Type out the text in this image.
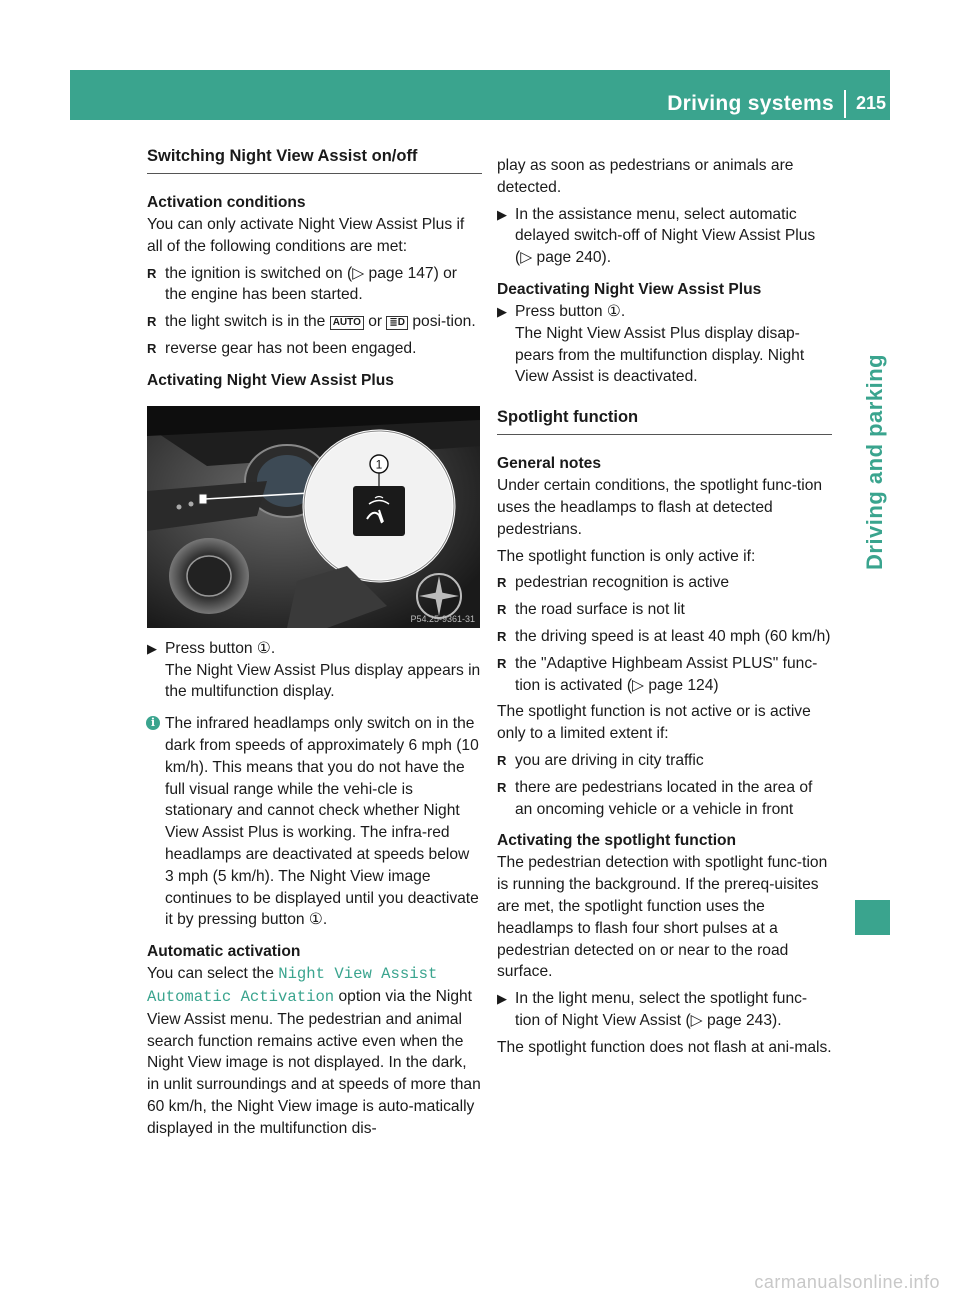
Driving systems	215
Driving and parking
Switching Night View Assist on/off
Activation conditions

You can only activate Night View Assist Plus if all of the following conditions are met:

R the ignition is switched on (▷ page 147) or the engine has been started.
R the light switch is in the AUTO or ≣D posi-tion.
R reverse gear has not been engaged.
Activating Night View Assist Plus
1
P54.25-9361-31
▶ Press button ①.

The Night View Assist Plus display appears in the multifunction display.

i The infrared headlamps only switch on in the dark from speeds of approximately 6 mph (10 km/h). This means that you do not have the full visual range while the vehi-cle is stationary and cannot check whether Night View Assist Plus is working. The infra-red headlamps are deactivated at speeds below 3 mph (5 km/h). The Night View image continues to be displayed until you deactivate it by pressing button ①.

Automatic activation

You can select the Night View Assist Automatic Activation option via the Night View Assist menu. The pedestrian and animal search function remains active even when the Night View image is not displayed. In the dark, in unlit surroundings and at speeds of more than 60 km/h, the Night View image is auto-matically displayed in the multifunction dis-

play as soon as pedestrians or animals are detected.

▶ In the assistance menu, select automatic delayed switch-off of Night View Assist Plus (▷ page 240).

Deactivating Night View Assist Plus
▶ Press button ①.

The Night View Assist Plus display disap-pears from the multifunction display. Night View Assist is deactivated.

Spotlight function
General notes

Under certain conditions, the spotlight func-tion uses the headlamps to flash at detected pedestrians.

The spotlight function is only active if:

R pedestrian recognition is active
R the road surface is not lit
R the driving speed is at least 40 mph (60 km/h)
R the "Adaptive Highbeam Assist PLUS" func-tion is activated (▷ page 124)

The spotlight function is not active or is active only to a limited extent if:

R you are driving in city traffic
R there are pedestrians located in the area of an oncoming vehicle or a vehicle in front
Activating the spotlight function

The pedestrian detection with spotlight func-tion is running the background. If the prereq-uisites are met, the spotlight function uses the headlamps to flash four short pulses at a pedestrian detected on or near to the road surface.

▶ In the light menu, select the spotlight func-tion of Night View Assist (▷ page 243).

The spotlight function does not flash at ani-mals.

carmanualsonline.info
